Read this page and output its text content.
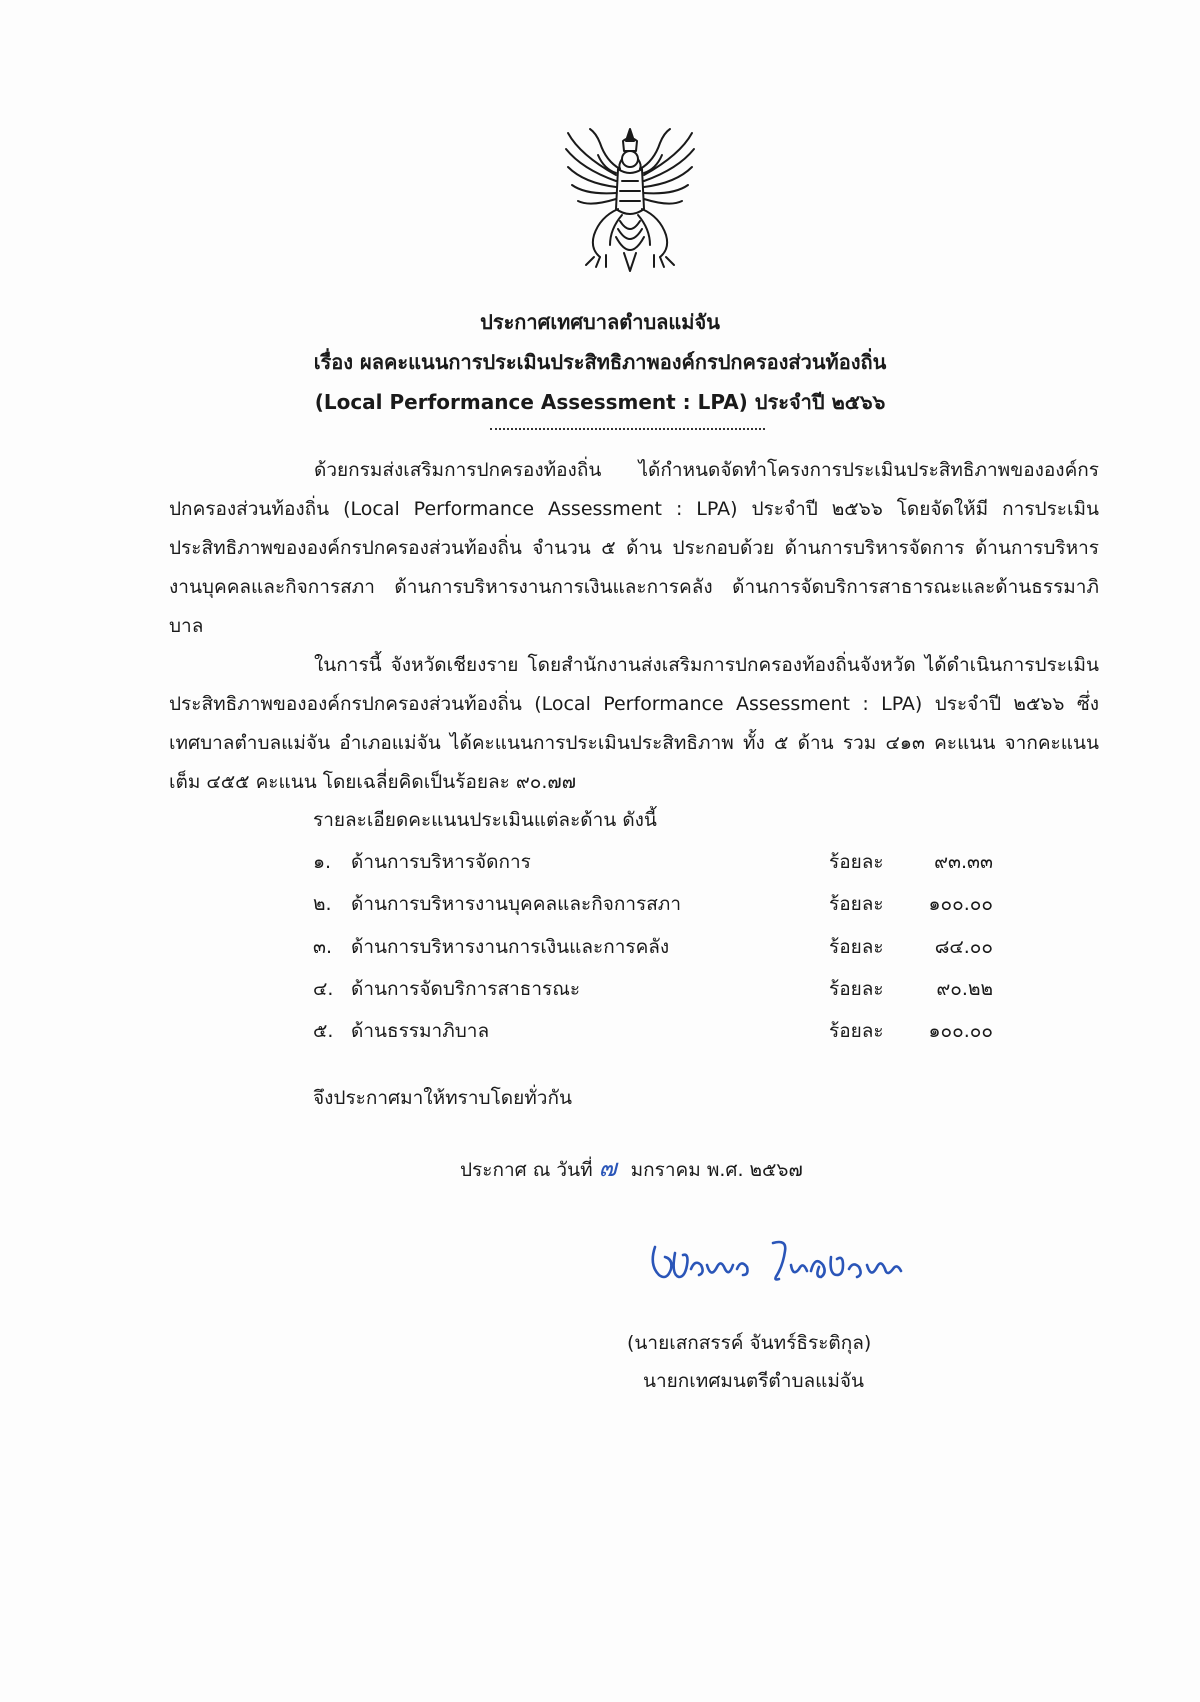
ประกาศเทศบาลตำบลแม่จัน
เรื่อง ผลคะแนนการประเมินประสิทธิภาพองค์กรปกครองส่วนท้องถิ่น
(Local Performance Assessment : LPA) ประจำปี ๒๕๖๖
ด้วยกรมส่งเสริมการปกครองท้องถิ่น ได้กำหนดจัดทำโครงการประเมินประสิทธิภาพขององค์กรปกครองส่วนท้องถิ่น (Local Performance Assessment : LPA) ประจำปี ๒๕๖๖ โดยจัดให้มี การประเมินประสิทธิภาพขององค์กรปกครองส่วนท้องถิ่น จำนวน ๕ ด้าน ประกอบด้วย ด้านการบริหารจัดการ ด้านการบริหารงานบุคคลและกิจการสภา ด้านการบริหารงานการเงินและการคลัง ด้านการจัดบริการสาธารณะและด้านธรรมาภิบาล
ในการนี้ จังหวัดเชียงราย โดยสำนักงานส่งเสริมการปกครองท้องถิ่นจังหวัด ได้ดำเนินการประเมินประสิทธิภาพขององค์กรปกครองส่วนท้องถิ่น (Local Performance Assessment : LPA) ประจำปี ๒๕๖๖ ซึ่งเทศบาลตำบลแม่จัน อำเภอแม่จัน ได้คะแนนการประเมินประสิทธิภาพ ทั้ง ๕ ด้าน รวม ๔๑๓ คะแนน จากคะแนนเต็ม ๔๕๕ คะแนน โดยเฉลี่ยคิดเป็นร้อยละ ๙๐.๗๗
รายละเอียดคะแนนประเมินแต่ละด้าน ดังนี้
๑. ด้านการบริหารจัดการ	ร้อยละ	๙๓.๓๓
๒. ด้านการบริหารงานบุคคลและกิจการสภา	ร้อยละ	๑๐๐.๐๐
๓. ด้านการบริหารงานการเงินและการคลัง	ร้อยละ	๘๔.๐๐
๔. ด้านการจัดบริการสาธารณะ	ร้อยละ	๙๐.๒๒
๕. ด้านธรรมาภิบาล	ร้อยละ	๑๐๐.๐๐
จึงประกาศมาให้ทราบโดยทั่วกัน
ประกาศ ณ วันที่ ๗ มกราคม พ.ศ. ๒๕๖๗
(นายเสกสรรค์ จันทร์ธิระติกุล)
นายกเทศมนตรีตำบลแม่จัน
